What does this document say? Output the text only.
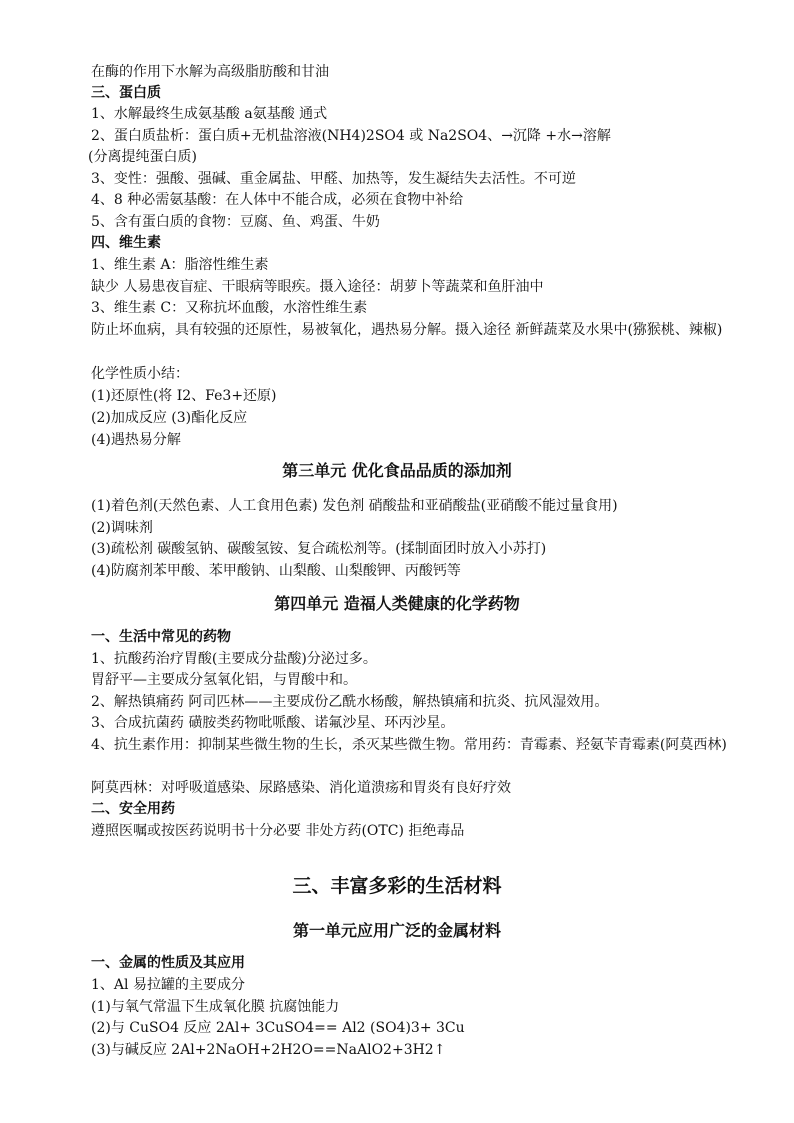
在酶的作用下水解为高级脂肪酸和甘油
三、蛋白质
1、水解最终生成氨基酸 a氨基酸 通式
2、蛋白质盐析：蛋白质+无机盐溶液(NH4)2SO4 或 Na2SO4、→沉降 +水→溶解
(分离提纯蛋白质)
3、变性：强酸、强碱、重金属盐、甲醛、加热等，发生凝结失去活性。不可逆
4、8 种必需氨基酸：在人体中不能合成，必须在食物中补给
5、含有蛋白质的食物：豆腐、鱼、鸡蛋、牛奶
四、维生素
1、维生素 A：脂溶性维生素
缺少 人易患夜盲症、干眼病等眼疾。摄入途径：胡萝卜等蔬菜和鱼肝油中
3、维生素 C：又称抗坏血酸，水溶性维生素
防止坏血病，具有较强的还原性，易被氧化，遇热易分解。摄入途径 新鲜蔬菜及水果中(猕猴桃、辣椒)
化学性质小结：
(1)还原性(将 I2、Fe3+还原)
(2)加成反应 (3)酯化反应
(4)遇热易分解
第三单元 优化食品品质的添加剂
(1)着色剂(天然色素、人工食用色素) 发色剂 硝酸盐和亚硝酸盐(亚硝酸不能过量食用)
(2)调味剂
(3)疏松剂 碳酸氢钠、碳酸氢铵、复合疏松剂等。(揉制面团时放入小苏打)
(4)防腐剂苯甲酸、苯甲酸钠、山梨酸、山梨酸钾、丙酸钙等
第四单元 造福人类健康的化学药物
一、生活中常见的药物
1、抗酸药治疗胃酸(主要成分盐酸)分泌过多。
胃舒平—主要成分氢氧化铝，与胃酸中和。
2、解热镇痛药 阿司匹林——主要成份乙酰水杨酸，解热镇痛和抗炎、抗风湿效用。
3、合成抗菌药 磺胺类药物吡哌酸、诺氟沙星、环丙沙星。
4、抗生素作用：抑制某些微生物的生长，杀灭某些微生物。常用药：青霉素、羟氨苄青霉素(阿莫西林)
阿莫西林：对呼吸道感染、尿路感染、消化道溃疡和胃炎有良好疗效
二、安全用药
遵照医嘱或按医药说明书十分必要 非处方药(OTC) 拒绝毒品
三、丰富多彩的生活材料
第一单元应用广泛的金属材料
一、金属的性质及其应用
1、Al 易拉罐的主要成分
(1)与氧气常温下生成氧化膜 抗腐蚀能力
(2)与 CuSO4 反应 2Al+ 3CuSO4== Al2 (SO4)3+ 3Cu
(3)与碱反应 2Al+2NaOH+2H2O==NaAlO2+3H2↑
